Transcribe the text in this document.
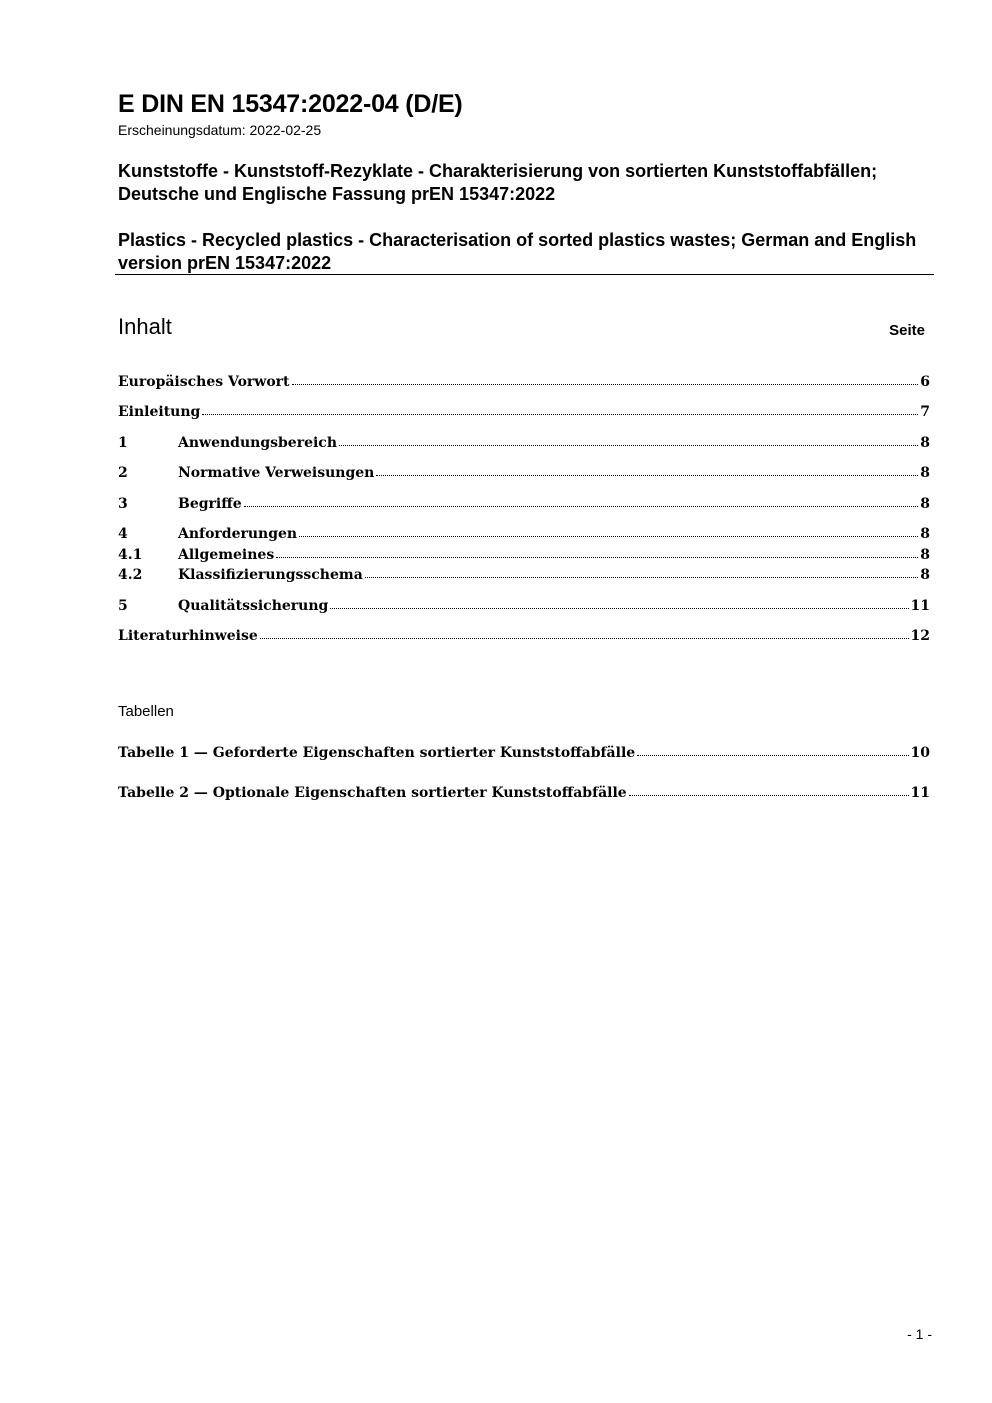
E DIN EN 15347:2022-04 (D/E)
Erscheinungsdatum: 2022-02-25
Kunststoffe - Kunststoff-Rezyklate - Charakterisierung von sortierten Kunststoffabfällen; Deutsche und Englische Fassung prEN 15347:2022
Plastics - Recycled plastics - Characterisation of sorted plastics wastes; German and English version prEN 15347:2022
Inhalt	Seite
Europäisches Vorwort	6
Einleitung	7
1	Anwendungsbereich	8
2	Normative Verweisungen	8
3	Begriffe	8
4	Anforderungen	8
4.1	Allgemeines	8
4.2	Klassifizierungsschema	8
5	Qualitätssicherung	11
Literaturhinweise	12
Tabellen
Tabelle 1 — Geforderte Eigenschaften sortierter Kunststoffabfälle	10
Tabelle 2 — Optionale Eigenschaften sortierter Kunststoffabfälle	11
- 1 -
